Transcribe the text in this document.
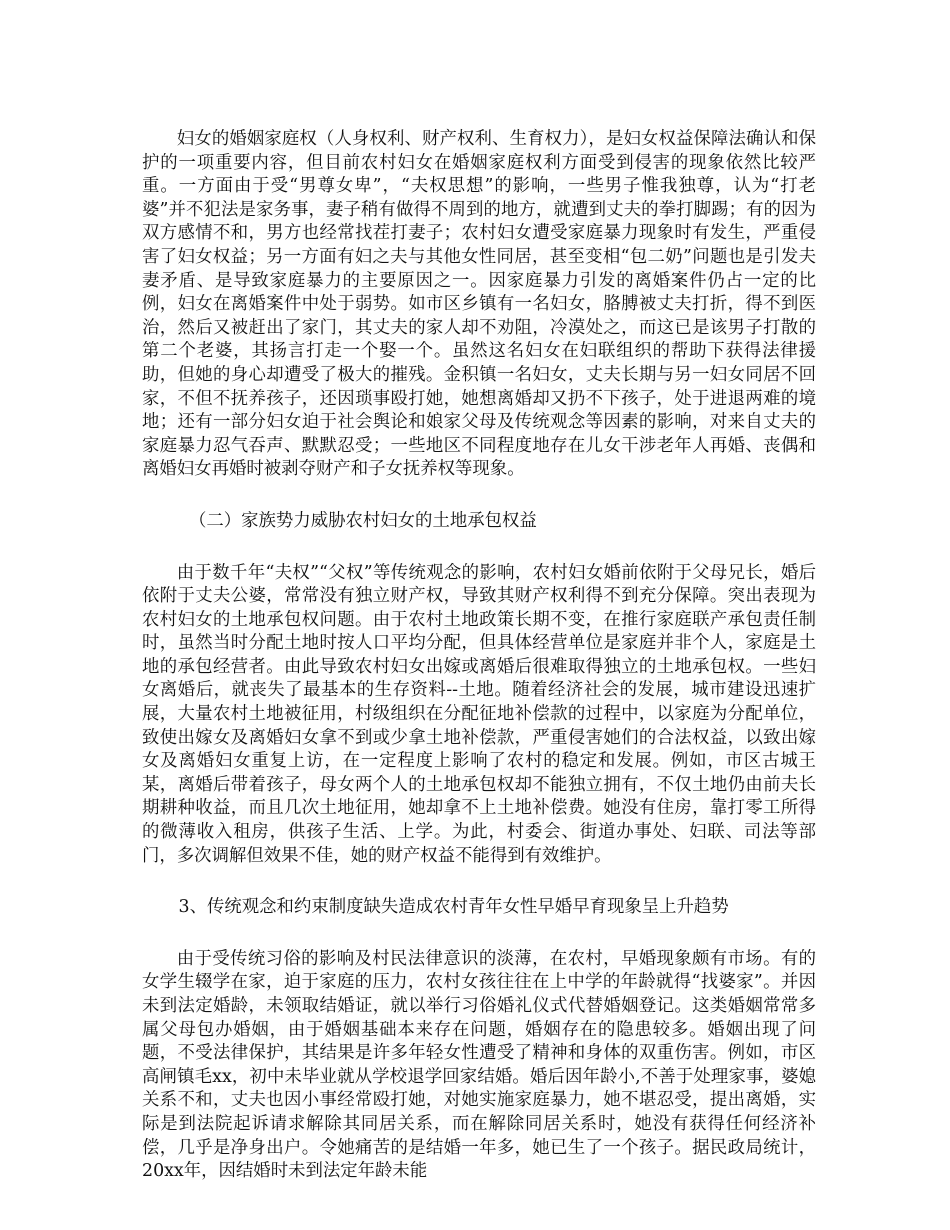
妇女的婚姻家庭权（人身权利、财产权利、生育权力），是妇女权益保障法确认和保护的一项重要内容，但目前农村妇女在婚姻家庭权利方面受到侵害的现象依然比较严重。一方面由于受“男尊女卑”，“夫权思想”的影响，一些男子惟我独尊，认为“打老婆”并不犯法是家务事，妻子稍有做得不周到的地方，就遭到丈夫的拳打脚踢；有的因为双方感情不和，男方也经常找茬打妻子；农村妇女遭受家庭暴力现象时有发生，严重侵害了妇女权益；另一方面有妇之夫与其他女性同居，甚至变相“包二奶”问题也是引发夫妻矛盾、是导致家庭暴力的主要原因之一。因家庭暴力引发的离婚案件仍占一定的比例，妇女在离婚案件中处于弱势。如市区乡镇有一名妇女，胳膊被丈夫打折，得不到医治，然后又被赶出了家门，其丈夫的家人却不劝阻，冷漠处之，而这已是该男子打散的第二个老婆，其扬言打走一个娶一个。虽然这名妇女在妇联组织的帮助下获得法律援助，但她的身心却遭受了极大的摧残。金积镇一名妇女，丈夫长期与另一妇女同居不回家，不但不抚养孩子，还因琐事殴打她，她想离婚却又扔不下孩子，处于进退两难的境地；还有一部分妇女迫于社会舆论和娘家父母及传统观念等因素的影响，对来自丈夫的家庭暴力忍气吞声、默默忍受；一些地区不同程度地存在儿女干涉老年人再婚、丧偶和离婚妇女再婚时被剥夺财产和子女抚养权等现象。

（二）家族势力威胁农村妇女的土地承包权益

由于数千年“夫权”“父权”等传统观念的影响，农村妇女婚前依附于父母兄长，婚后依附于丈夫公婆，常常没有独立财产权，导致其财产权利得不到充分保障。突出表现为农村妇女的土地承包权问题。由于农村土地政策长期不变，在推行家庭联产承包责任制时，虽然当时分配土地时按人口平均分配，但具体经营单位是家庭并非个人，家庭是土地的承包经营者。由此导致农村妇女出嫁或离婚后很难取得独立的土地承包权。一些妇女离婚后，就丧失了最基本的生存资料--土地。随着经济社会的发展，城市建设迅速扩展，大量农村土地被征用，村级组织在分配征地补偿款的过程中，以家庭为分配单位，致使出嫁女及离婚妇女拿不到或少拿土地补偿款，严重侵害她们的合法权益，以致出嫁女及离婚妇女重复上访，在一定程度上影响了农村的稳定和发展。例如，市区古城王某，离婚后带着孩子，母女两个人的土地承包权却不能独立拥有，不仅土地仍由前夫长期耕种收益，而且几次土地征用，她却拿不上土地补偿费。她没有住房，靠打零工所得的微薄收入租房，供孩子生活、上学。为此，村委会、街道办事处、妇联、司法等部门，多次调解但效果不佳，她的财产权益不能得到有效维护。

3、传统观念和约束制度缺失造成农村青年女性早婚早育现象呈上升趋势

由于受传统习俗的影响及村民法律意识的淡薄，在农村，早婚现象颇有市场。有的女学生辍学在家，迫于家庭的压力，农村女孩往往在上中学的年龄就得“找婆家”。并因未到法定婚龄，未领取结婚证，就以举行习俗婚礼仪式代替婚姻登记。这类婚姻常常多属父母包办婚姻，由于婚姻基础本来存在问题，婚姻存在的隐患较多。婚姻出现了问题，不受法律保护，其结果是许多年轻女性遭受了精神和身体的双重伤害。例如，市区高闸镇毛xx，初中未毕业就从学校退学回家结婚。婚后因年龄小,不善于处理家事，婆媳关系不和，丈夫也因小事经常殴打她，对她实施家庭暴力，她不堪忍受，提出离婚，实际是到法院起诉请求解除其同居关系，而在解除同居关系时，她没有获得任何经济补偿，几乎是净身出户。令她痛苦的是结婚一年多，她已生了一个孩子。据民政局统计，20xx年，因结婚时未到法定年龄未能
